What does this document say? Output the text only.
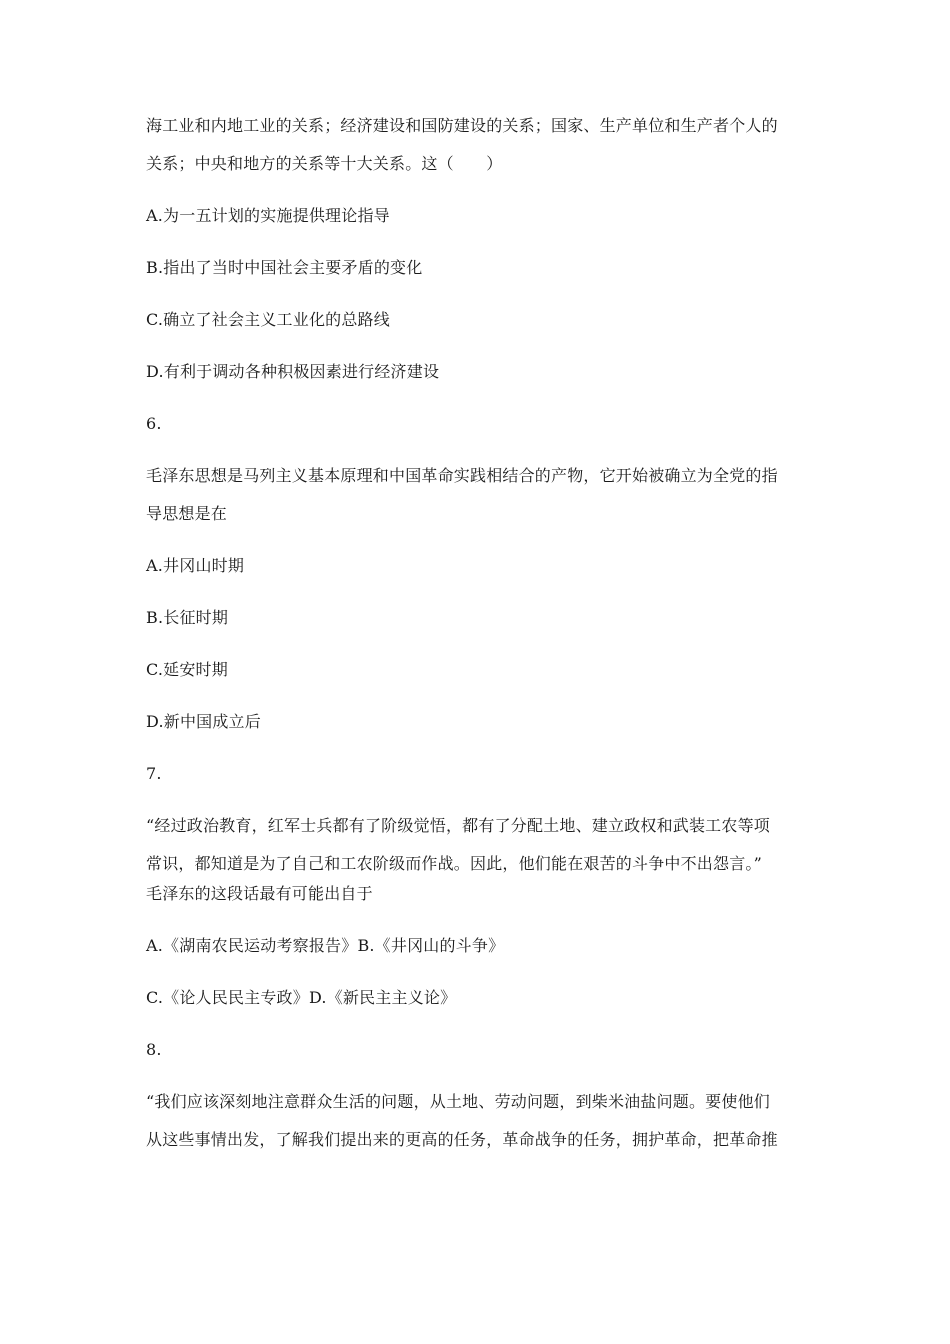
海工业和内地工业的关系；经济建设和国防建设的关系；国家、生产单位和生产者个人的
关系；中央和地方的关系等十大关系。这（　　）
A.为一五计划的实施提供理论指导
B.指出了当时中国社会主要矛盾的变化
C.确立了社会主义工业化的总路线
D.有利于调动各种积极因素进行经济建设
6.
毛泽东思想是马列主义基本原理和中国革命实践相结合的产物，它开始被确立为全党的指
导思想是在
A.井冈山时期
B.长征时期
C.延安时期
D.新中国成立后
7.
“经过政治教育，红军士兵都有了阶级觉悟，都有了分配土地、建立政权和武装工农等项
常识，都知道是为了自己和工农阶级而作战。因此，他们能在艰苦的斗争中不出怨言。”
毛泽东的这段话最有可能出自于
A.《湖南农民运动考察报告》B.《井冈山的斗争》
C.《论人民民主专政》D.《新民主主义论》
8.
“我们应该深刻地注意群众生活的问题，从土地、劳动问题，到柴米油盐问题。要使他们
从这些事情出发，了解我们提出来的更高的任务，革命战争的任务，拥护革命，把革命推
